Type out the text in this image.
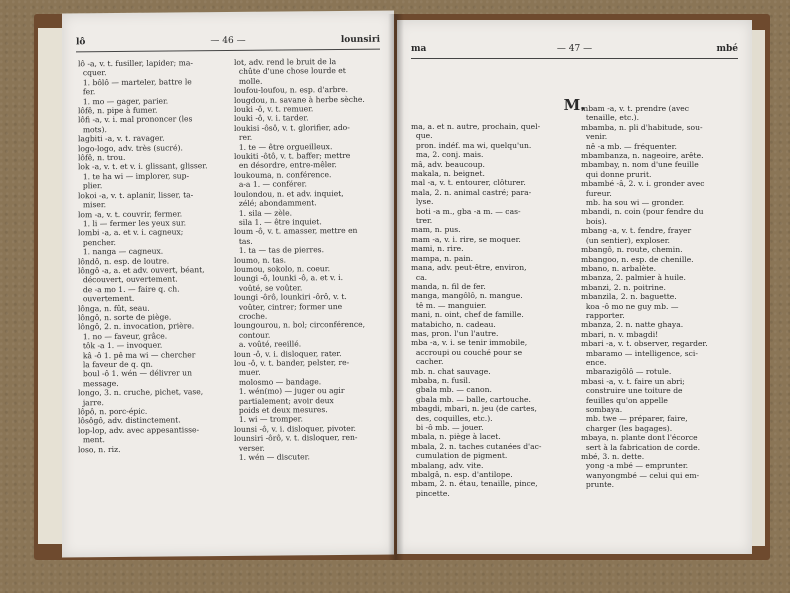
lô	— 46 —	lounsiri

lô -a, v. t. fusiller, lapider; ma-

cquer.

1. bôlô — marteler, battre le

fer.

1. mo — gager, parier.

lôfê, n. pipe à fumer.

lôfi -a, v. i. mal prononcer (les

mots).

lagbiti -a, v. t. ravager.

logo-logo, adv. très (sucré).

lôfê, n. trou.

lok -a, v. t. et v. i. glissant, glisser.

1. te ha wi — implorer, sup-

plier.

lokoi -a, v. t. aplanir, lisser, ta-

miser.

lom -a, v. t. couvrir, fermer.

1. li — fermer les yeux sur.

lombi -a, a. et v. i. cagneux;

pencher.

1. nanga — cagneux.

lôndô, n. esp. de loutre.

lôngô -a, a. et adv. ouvert, béant,

découvert, ouvertement.

de -a mo 1. — faire q. ch.

ouvertement.

lônga, n. fût, seau.

lôngô, n. sorte de piège.

lôngô, 2. n. invocation, prière.

1. no — faveur, grâce.

tôk -a 1. — invoquer.

kâ -ô 1. pê ma wi — chercher

la faveur de q. qn.

boul -ô 1. wén — délivrer un

message.

longo, 3. n. cruche, pichet, vase,

jarre.

lôpô, n. porc-épic.

lôsôgô, adv. distinctement.

lop-lop, adv. avec appesantisse-

ment.

loso, n. riz.

lot, adv. rend le bruit de la

chûte d'une chose lourde et

molle.

loufou-loufou, n. esp. d'arbre.

lougdou, n. savane à herbe sèche.

louki -ô, v. t. remuer.

louki -ô, v. i. tarder.

loukisi -ôsô, v. t. glorifier, ado-

rer.

1. te — être orgueilleux.

loukiti -ôtô, v. t. baffer; mettre

en désordre, entre-mêler.

loukouma, n. conférence.

a-a 1. — conférer.

loulondou, n. et adv. inquiet,

zélé; abondamment.

1. sila — zèle.

sila 1. — être inquiet.

loum -ô, v. t. amasser, mettre en

tas.

1. ta — tas de pierres.

loumo, n. tas.

loumou, sokolo, n. coeur.

loungi -ô, lounki -ô, a. et v. i.

voûté, se voûter.

loungi -ôrô, lounkiri -ôrô, v. t.

voûter, cintrer; former une

croche.

loungourou, n. bol; circonférence,

contour.

a. voûté, reeillé.

loun -ô, v. i. disloquer, rater.

lou -ô, v. t. bander, pelster, re-

muer.

molosmo — bandage.

1. wén(mo) — juger ou agir

partialement; avoir deux

poids et deux mesures.

1. wi — tromper.

lounsi -ô, v. i. disloquer, pivoter.

lounsiri -ôrô, v. t. disloquer, ren-

verser.

1. wén — discuter.

ma	— 47 —	mbé
M.

ma, a. et n. autre, prochain, quel-

que.

pron. indéf. ma wi, quelqu'un.

ma, 2. conj. mais.

mâ, adv. beaucoup.

makala, n. beignet.

mal -a, v. t. entourer, clôturer.

mala, 2. n. animal castré; para-

lyse.

boti -a m., gba -a m. — cas-

trer.

mam, n. pus.

mam -a, v. i. rire, se moquer.

mami, n. rire.

mampa, n. pain.

mana, adv. peut-être, environ,

ca.

manda, n. fil de fer.

manga, mangôlô, n. mangue.

tê m. — manguier.

mani, n. oint, chef de famille.

matabicho, n. cadeau.

mas, pron. l'un l'autre.

mba -a, v. i. se tenir immobile,

accroupi ou couché pour se

cacher.

mb. n. chat sauvage.

mbaba, n. fusil.

gbala mb. — canon.

gbala mb. — balle, cartouche.

mbagdi, mbari, n. jeu (de cartes,

des, coquilles, etc.).

bi -ô mb. — jouer.

mbala, n. piège à lacet.

mbala, 2. n. taches cutanées d'ac-

cumulation de pigment.

mbalang, adv. vite.

mbalgâ, n. esp. d'antilope.

mbam, 2. n. étau, tenaille, pince,

pincette.

mbam -a, v. t. prendre (avec

tenaille, etc.).

mbamba, n. pli d'habitude, sou-

venir.

nê -a mb. — fréquenter.

mbambanza, n. nageoire, arête.

mbambay, n. nom d'une feuille

qui donne prurit.

mbambé -â, 2. v. i. gronder avec

fureur.

mb. ha sou wi — gronder.

mbandi, n. coin (pour fendre du

bois).

mbang -a, v. t. fendre, frayer

(un sentier), exploser.

mbangô, n. route, chemin.

mbangoo, n. esp. de chenille.

mbano, n. arbalète.

mbanza, 2. palmier à huile.

mbanzi, 2. n. poitrine.

mbanzila, 2. n. baguette.

koa -ô mo ne guy mb. —

rapporter.

mbanza, 2. n. natte ghaya.

mbari, n. v. mbagdi!

mbari -a, v. t. observer, regarder.

mbaramo — intelligence, sci-

ence.

mbarazigôlô — rotule.

mbasi -a, v. t. faire un abri;

construire une toiture de

feuilles qu'on appelle

sombaya.

mb. twe — préparer, faire,

charger (les bagages).

mbaya, n. plante dont l'écorce

sert à la fabrication de corde.

mbé, 3. n. dette.

yong -a mbé — emprunter.

wanyongmbé — celui qui em-

prunte.
